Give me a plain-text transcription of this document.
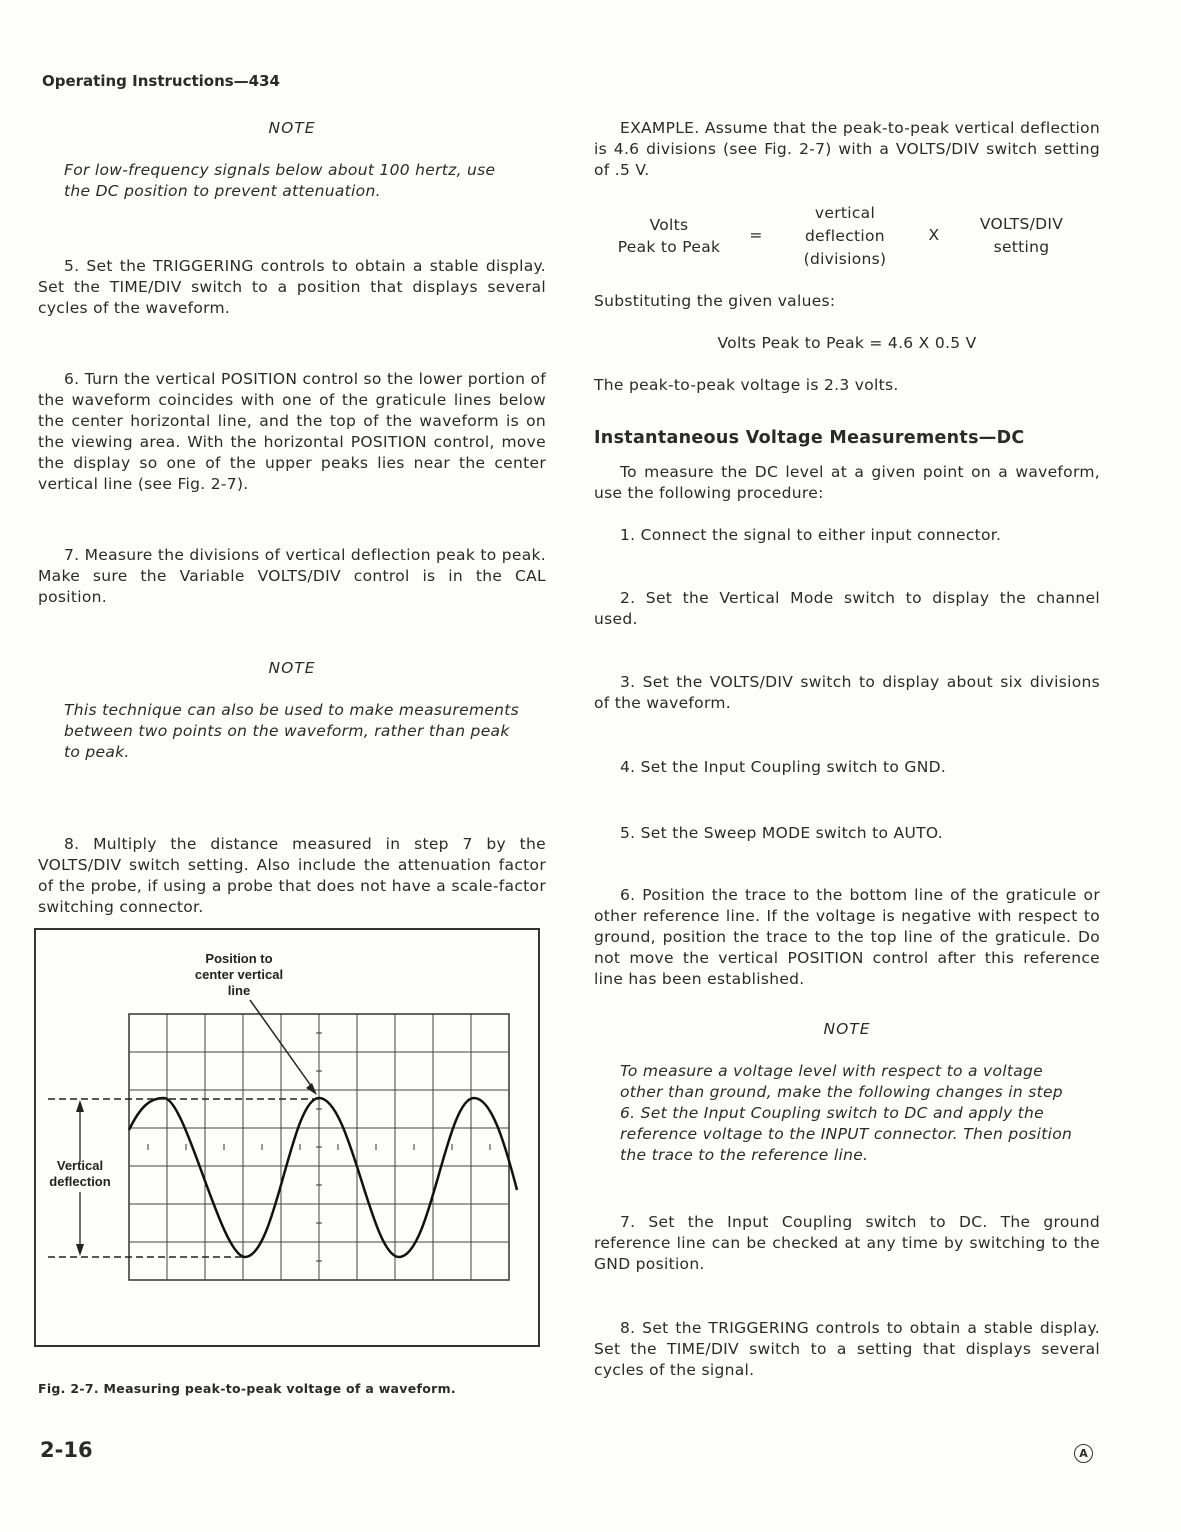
Operating Instructions—434

NOTE

For low-frequency signals below about 100 hertz, use the DC position to prevent attenuation.

5. Set the TRIGGERING controls to obtain a stable display. Set the TIME/DIV switch to a position that displays several cycles of the waveform.

6. Turn the vertical POSITION control so the lower portion of the waveform coincides with one of the graticule lines below the center horizontal line, and the top of the waveform is on the viewing area. With the horizontal POSITION control, move the display so one of the upper peaks lies near the center vertical line (see Fig. 2-7).

7. Measure the divisions of vertical deflection peak to peak. Make sure the Variable VOLTS/DIV control is in the CAL position.

NOTE

This technique can also be used to make measurements between two points on the waveform, rather than peak to peak.

8. Multiply the distance measured in step 7 by the VOLTS/DIV switch setting. Also include the attenuation factor of the probe, if using a probe that does not have a scale-factor switching connector.

Position to
center vertical
line
Vertical
deflection
Fig. 2-7. Measuring peak-to-peak voltage of a waveform.

EXAMPLE. Assume that the peak-to-peak vertical deflection is 4.6 divisions (see Fig. 2-7) with a VOLTS/DIV switch setting of .5 V.

Volts
Peak to Peak
=
vertical
deflection
(divisions)
X
VOLTS/DIV
setting

Substituting the given values:

Volts Peak to Peak = 4.6 X 0.5 V

The peak-to-peak voltage is 2.3 volts.

Instantaneous Voltage Measurements—DC

To measure the DC level at a given point on a waveform, use the following procedure:

1. Connect the signal to either input connector.

2. Set the Vertical Mode switch to display the channel used.

3. Set the VOLTS/DIV switch to display about six divisions of the waveform.

4. Set the Input Coupling switch to GND.

5. Set the Sweep MODE switch to AUTO.

6. Position the trace to the bottom line of the graticule or other reference line. If the voltage is negative with respect to ground, position the trace to the top line of the graticule. Do not move the vertical POSITION control after this reference line has been established.

NOTE

To measure a voltage level with respect to a voltage other than ground, make the following changes in step 6. Set the Input Coupling switch to DC and apply the reference voltage to the INPUT connector. Then position the trace to the reference line.

7. Set the Input Coupling switch to DC. The ground reference line can be checked at any time by switching to the GND position.

8. Set the TRIGGERING controls to obtain a stable display. Set the TIME/DIV switch to a setting that displays several cycles of the signal.

2-16	A
